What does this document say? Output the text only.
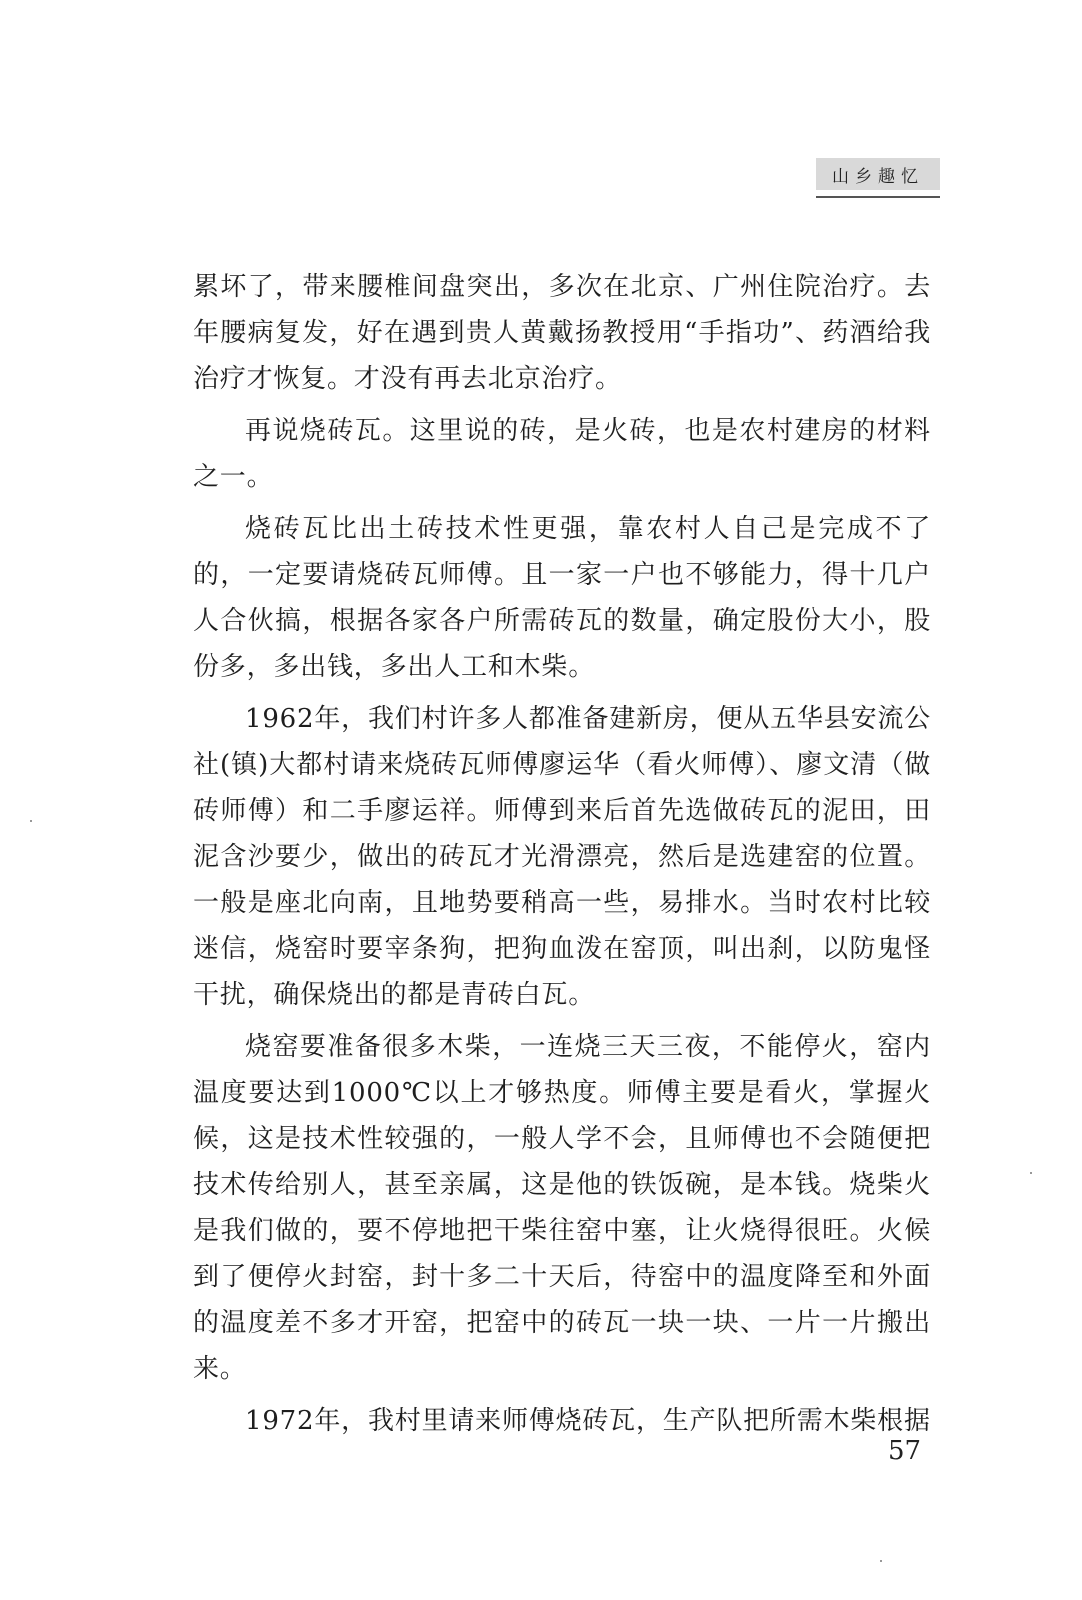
山乡趣忆

累坏了，带来腰椎间盘突出，多次在北京、广州住院治疗。去年腰病复发，好在遇到贵人黄戴扬教授用“手指功”、药酒给我治疗才恢复。才没有再去北京治疗。

再说烧砖瓦。这里说的砖，是火砖，也是农村建房的材料之一。

烧砖瓦比出土砖技术性更强，靠农村人自己是完成不了的，一定要请烧砖瓦师傅。且一家一户也不够能力，得十几户人合伙搞，根据各家各户所需砖瓦的数量，确定股份大小，股份多，多出钱，多出人工和木柴。

1962年，我们村许多人都准备建新房，便从五华县安流公社(镇)大都村请来烧砖瓦师傅廖运华（看火师傅）、廖文清（做砖师傅）和二手廖运祥。师傅到来后首先选做砖瓦的泥田，田泥含沙要少，做出的砖瓦才光滑漂亮，然后是选建窑的位置。一般是座北向南，且地势要稍高一些，易排水。当时农村比较迷信，烧窑时要宰条狗，把狗血泼在窑顶，叫出刹，以防鬼怪干扰，确保烧出的都是青砖白瓦。

烧窑要准备很多木柴，一连烧三天三夜，不能停火，窑内温度要达到1000℃以上才够热度。师傅主要是看火，掌握火候，这是技术性较强的，一般人学不会，且师傅也不会随便把技术传给别人，甚至亲属，这是他的铁饭碗，是本钱。烧柴火是我们做的，要不停地把干柴往窑中塞，让火烧得很旺。火候到了便停火封窑，封十多二十天后，待窑中的温度降至和外面的温度差不多才开窑，把窑中的砖瓦一块一块、一片一片搬出来。

1972年，我村里请来师傅烧砖瓦，生产队把所需木柴根据

57
